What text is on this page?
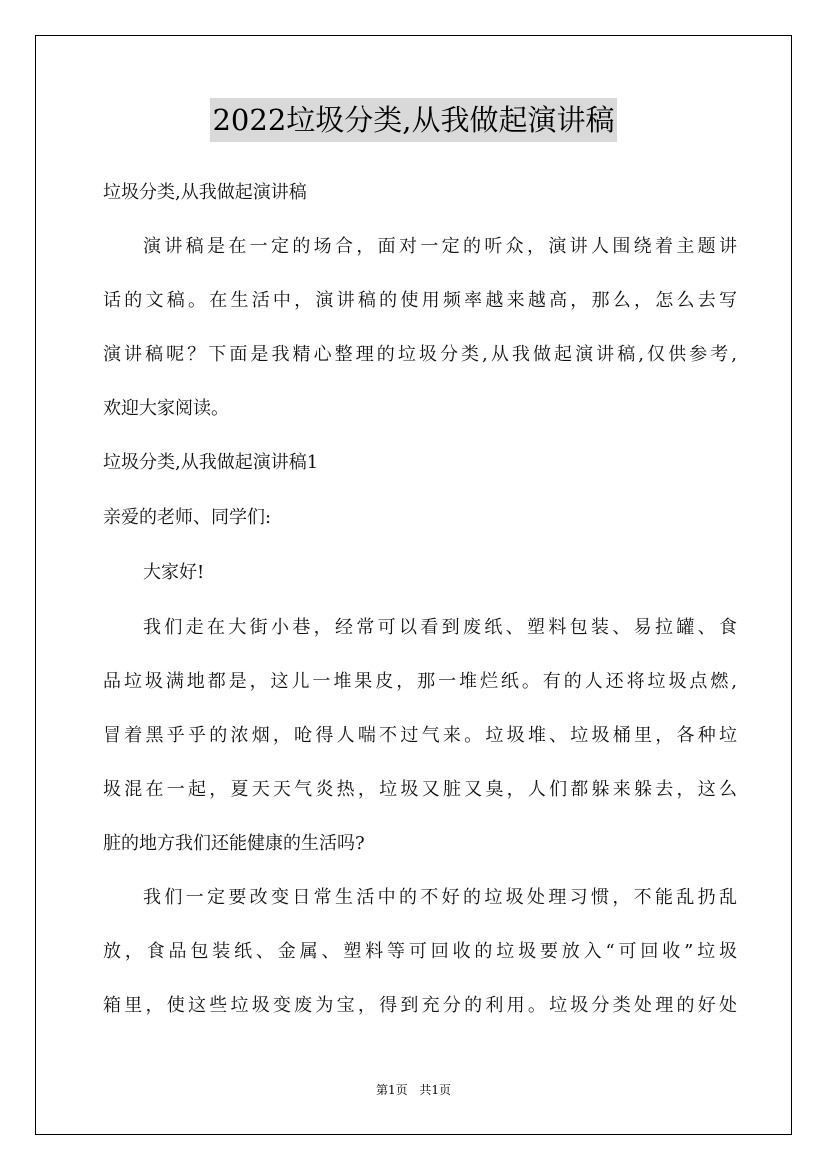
2022垃圾分类,从我做起演讲稿
垃圾分类,从我做起演讲稿
演讲稿是在一定的场合，面对一定的听众，演讲人围绕着主题讲
话的文稿。在生活中，演讲稿的使用频率越来越高，那么，怎么去写
演讲稿呢？下面是我精心整理的垃圾分类,从我做起演讲稿,仅供参考,
欢迎大家阅读。
垃圾分类,从我做起演讲稿1
亲爱的老师、同学们:
大家好!
我们走在大街小巷，经常可以看到废纸、塑料包装、易拉罐、食
品垃圾满地都是，这儿一堆果皮，那一堆烂纸。有的人还将垃圾点燃,
冒着黑乎乎的浓烟，呛得人喘不过气来。垃圾堆、垃圾桶里，各种垃
圾混在一起，夏天天气炎热，垃圾又脏又臭，人们都躲来躲去，这么
脏的地方我们还能健康的生活吗?
我们一定要改变日常生活中的不好的垃圾处理习惯，不能乱扔乱
放，食品包装纸、金属、塑料等可回收的垃圾要放入“可回收”垃圾
箱里，使这些垃圾变废为宝，得到充分的利用。垃圾分类处理的好处
第1页 共1页
